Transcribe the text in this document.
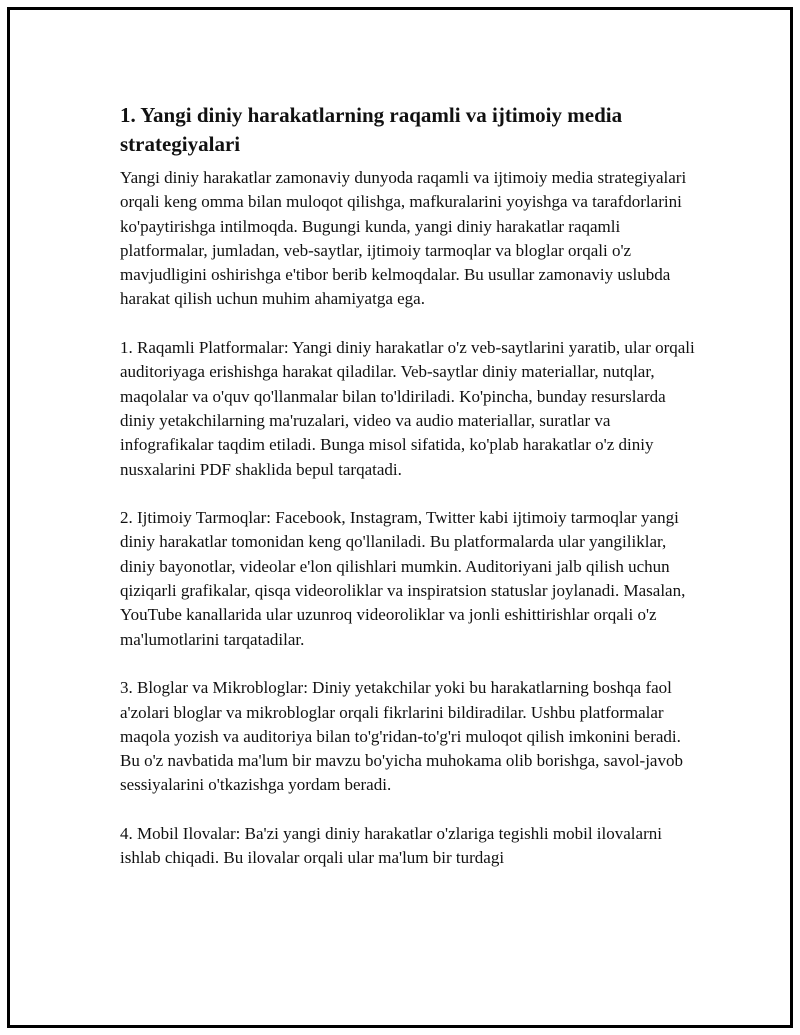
1. Yangi diniy harakatlarning raqamli va ijtimoiy media strategiyalari

Yangi diniy harakatlar zamonaviy dunyoda raqamli va ijtimoiy media strategiyalari orqali keng omma bilan muloqot qilishga, mafkuralarini yoyishga va tarafdorlarini ko'paytirishga intilmoqda. Bugungi kunda, yangi diniy harakatlar raqamli platformalar, jumladan, veb-saytlar, ijtimoiy tarmoqlar va bloglar orqali o'z mavjudligini oshirishga e'tibor berib kelmoqdalar. Bu usullar zamonaviy uslubda harakat qilish uchun muhim ahamiyatga ega.

1. Raqamli Platformalar: Yangi diniy harakatlar o'z veb-saytlarini yaratib, ular orqali auditoriyaga erishishga harakat qiladilar. Veb-saytlar diniy materiallar, nutqlar, maqolalar va o'quv qo'llanmalar bilan to'ldiriladi. Ko'pincha, bunday resurslarda diniy yetakchilarning ma'ruzalari, video va audio materiallar, suratlar va infografikalar taqdim etiladi. Bunga misol sifatida, ko'plab harakatlar o'z diniy nusxalarini PDF shaklida bepul tarqatadi.

2. Ijtimoiy Tarmoqlar: Facebook, Instagram, Twitter kabi ijtimoiy tarmoqlar yangi diniy harakatlar tomonidan keng qo'llaniladi. Bu platformalarda ular yangiliklar, diniy bayonotlar, videolar e'lon qilishlari mumkin. Auditoriyani jalb qilish uchun qiziqarli grafikalar, qisqa videoroliklar va inspiratsion statuslar joylanadi. Masalan, YouTube kanallarida ular uzunroq videoroliklar va jonli eshittirishlar orqali o'z ma'lumotlarini tarqatadilar.

3. Bloglar va Mikrobloglar: Diniy yetakchilar yoki bu harakatlarning boshqa faol a'zolari bloglar va mikrobloglar orqali fikrlarini bildiradilar. Ushbu platformalar maqola yozish va auditoriya bilan to'g'ridan-to'g'ri muloqot qilish imkonini beradi. Bu o'z navbatida ma'lum bir mavzu bo'yicha muhokama olib borishga, savol-javob sessiyalarini o'tkazishga yordam beradi.

4. Mobil Ilovalar: Ba'zi yangi diniy harakatlar o'zlariga tegishli mobil ilovalarni ishlab chiqadi. Bu ilovalar orqali ular ma'lum bir turdagi
